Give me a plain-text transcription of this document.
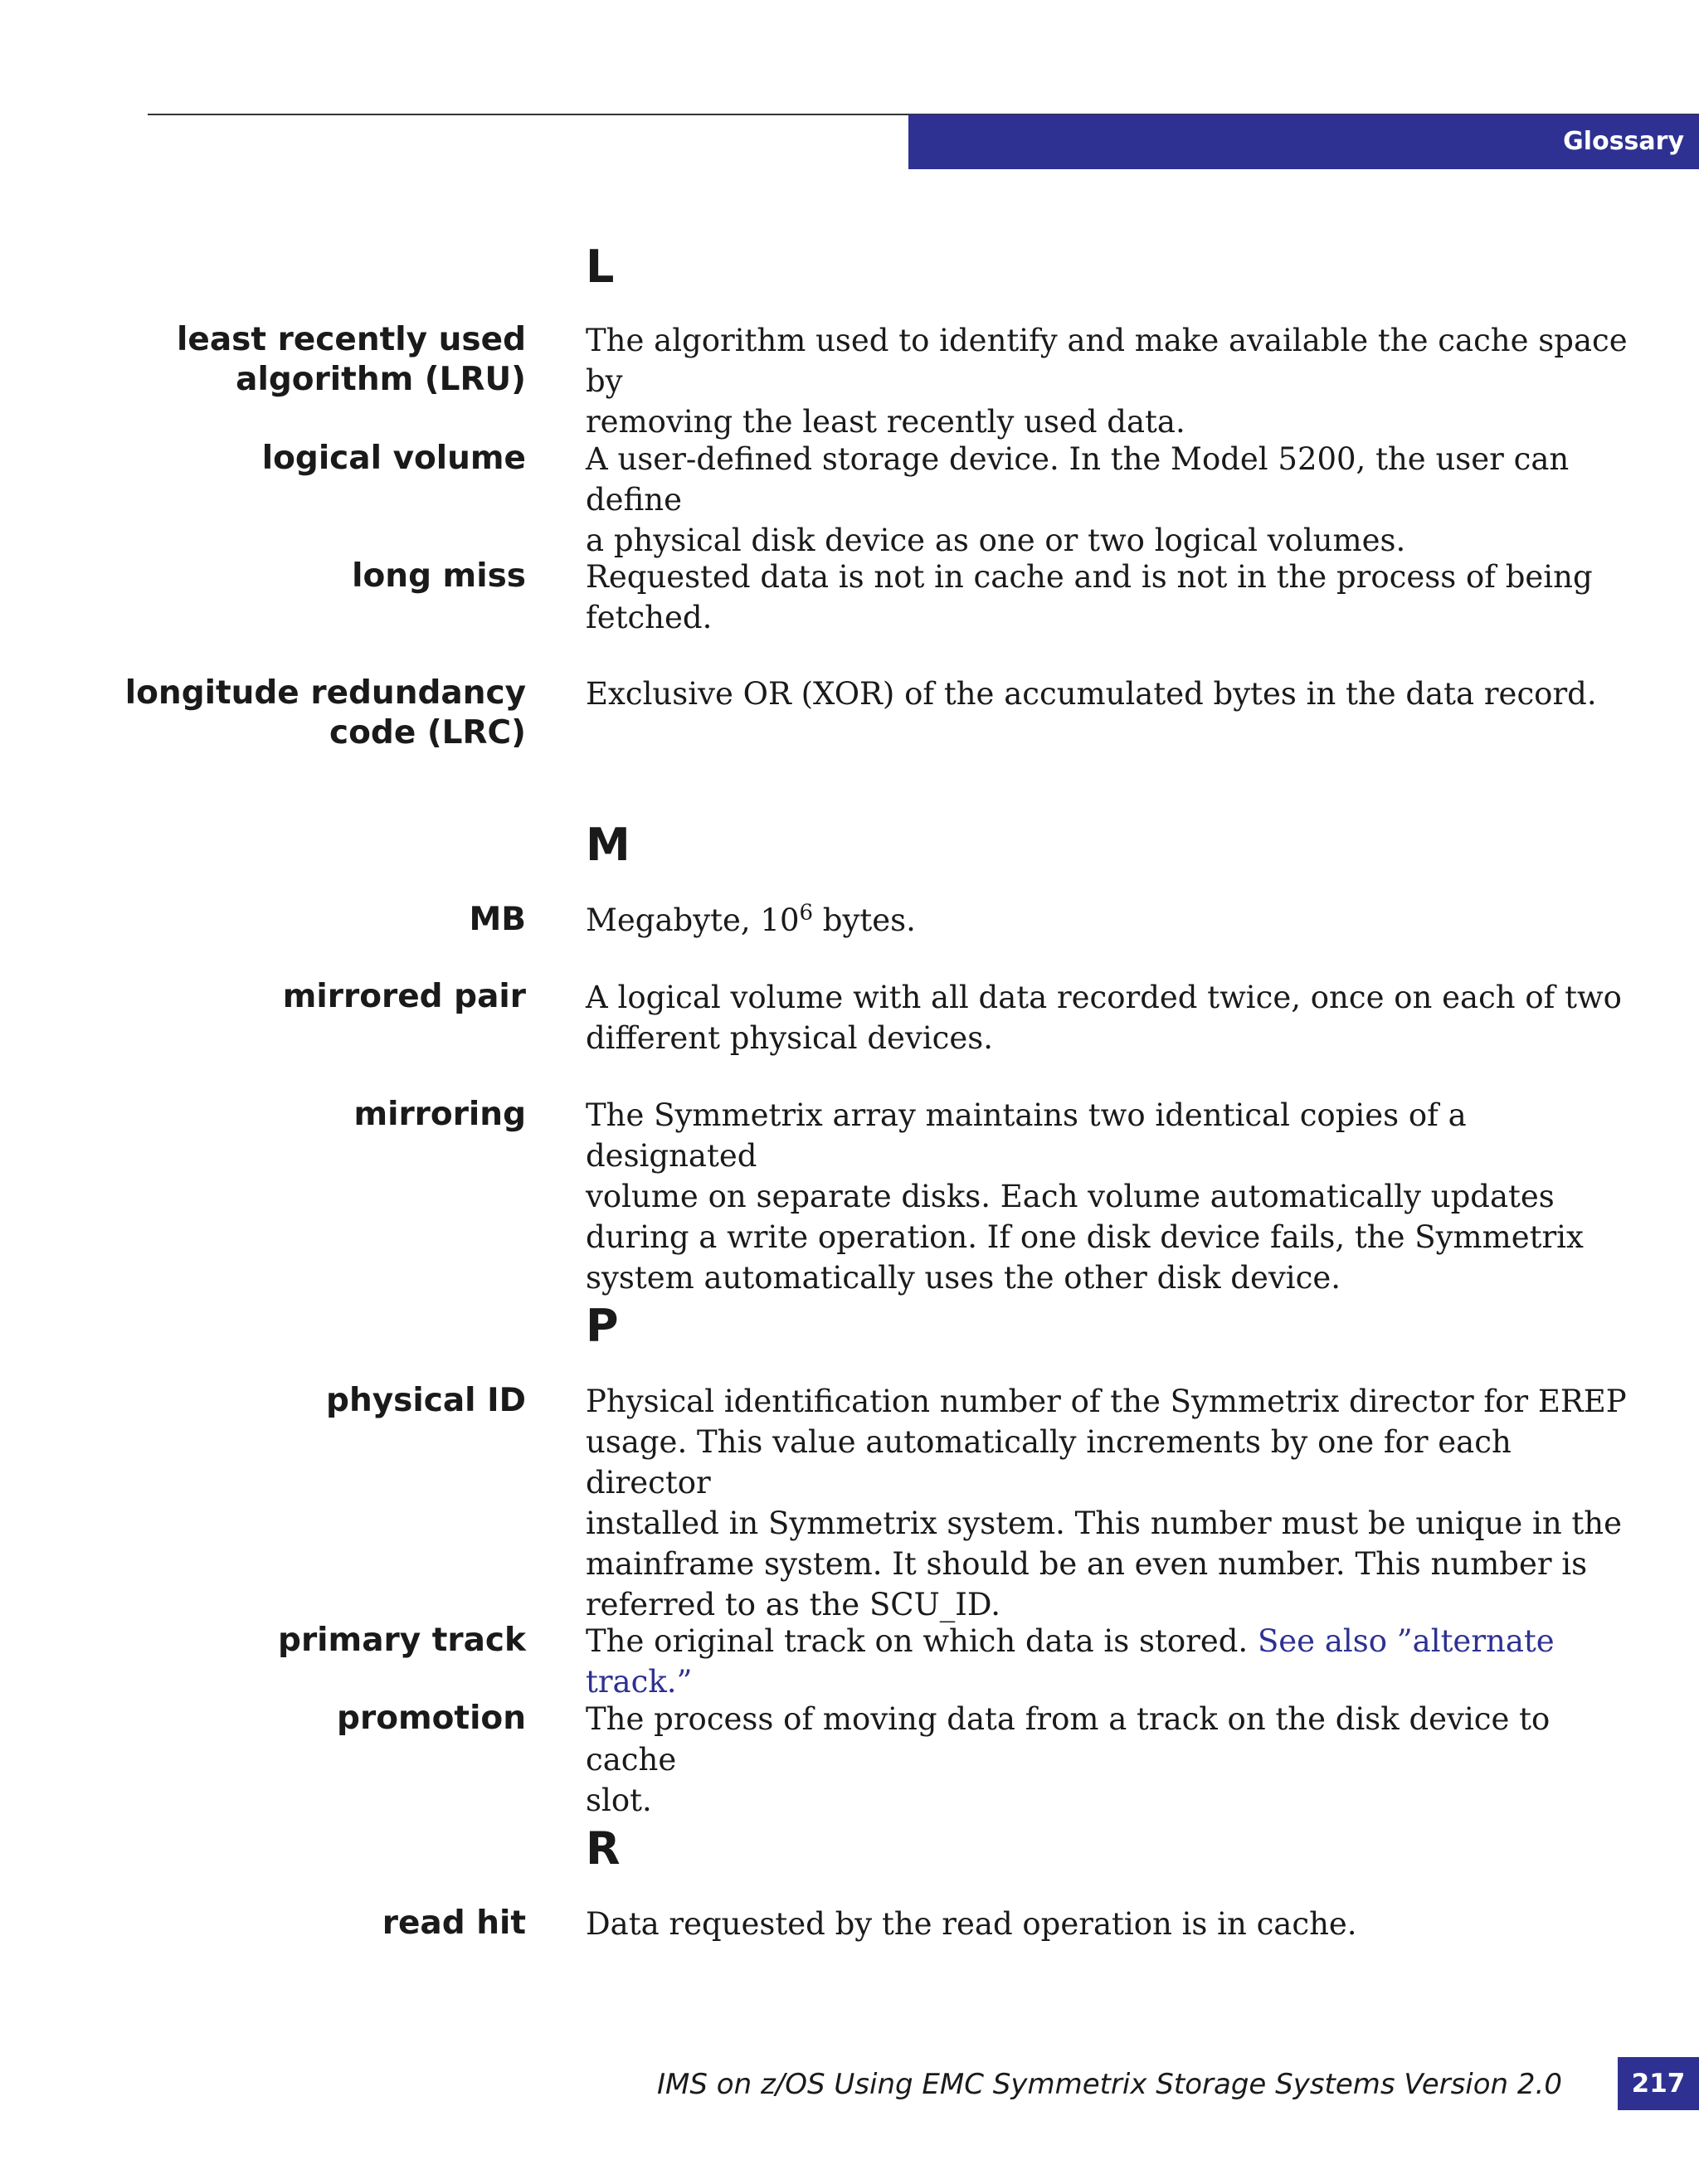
Glossary
L
least recently used algorithm (LRU)
The algorithm used to identify and make available the cache space by
removing the least recently used data.
logical volume A user-defined storage device. In the Model 5200, the user can define
a physical disk device as one or two logical volumes.
long miss Requested data is not in cache and is not in the process of being
fetched.
longitude redundancy code (LRC)
Exclusive OR (XOR) of the accumulated bytes in the data record.
M
MB Megabyte, $10^6$ bytes.
mirrored pair A logical volume with all data recorded twice, once on each of two
different physical devices.
mirroring The Symmetrix array maintains two identical copies of a designated
volume on separate disks. Each volume automatically updates
during a write operation. If one disk device fails, the Symmetrix
system automatically uses the other disk device.
P
physical ID Physical identification number of the Symmetrix director for EREP
usage. This value automatically increments by one for each director
installed in Symmetrix system. This number must be unique in the
mainframe system. It should be an even number. This number is
referred to as the SCU_ID.
primary track The original track on which data is stored. See also ”alternate track.”
promotion The process of moving data from a track on the disk device to cache
slot.
R
read hit Data requested by the read operation is in cache.
IMS on z/OS Using EMC Symmetrix Storage Systems Version 2.0	217
